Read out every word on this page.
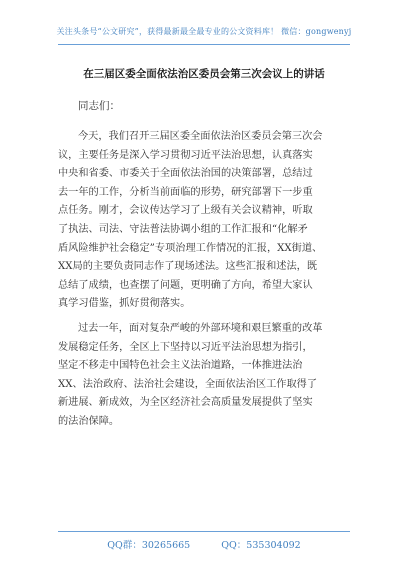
关注头条号“公文研究”，获得最新最全最专业的公文资料库！ 微信：gongwenyj
在三届区委全面依法治区委员会第三次会议上的讲话
同志们：
今天，我们召开三届区委全面依法治区委员会第三次会
议，主要任务是深入学习贯彻习近平法治思想，认真落实
中央和省委、市委关于全面依法治国的决策部署，总结过
去一年的工作，分析当前面临的形势，研究部署下一步重
点任务。刚才，会议传达学习了上级有关会议精神，听取
了执法、司法、守法普法协调小组的工作汇报和“化解矛
盾风险维护社会稳定”专项治理工作情况的汇报，XX街道、
XX局的主要负责同志作了现场述法。这些汇报和述法，既
总结了成绩，也查摆了问题，更明确了方向，希望大家认
真学习借鉴，抓好贯彻落实。
过去一年，面对复杂严峻的外部环境和艰巨繁重的改革
发展稳定任务，全区上下坚持以习近平法治思想为指引，
坚定不移走中国特色社会主义法治道路，一体推进法治
XX、法治政府、法治社会建设，全面依法治区工作取得了
新进展、新成效，为全区经济社会高质量发展提供了坚实
的法治保障。
QQ群：30265665	QQ：535304092
